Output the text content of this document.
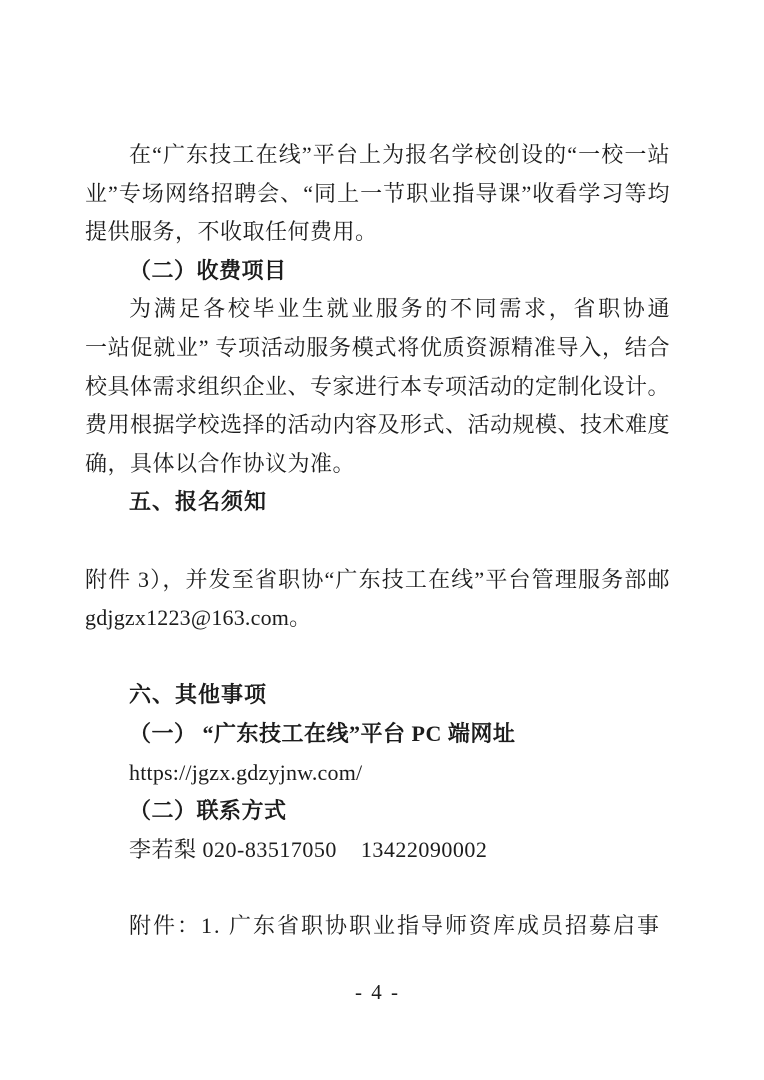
在“广东技工在线”平台上为报名学校创设的“一校一站
业”专场网络招聘会、“同上一节职业指导课”收看学习等均
提供服务，不收取任何费用。
（二）收费项目
为满足各校毕业生就业服务的不同需求，省职协通
一站促就业” 专项活动服务模式将优质资源精准导入，结合
校具体需求组织企业、专家进行本专项活动的定制化设计。
费用根据学校选择的活动内容及形式、活动规模、技术难度
确，具体以合作协议为准。
五、报名须知

附件 3），并发至省职协“广东技工在线”平台管理服务部邮
gdjgzx1223@163.com。

六、其他事项
（一） “广东技工在线”平台 PC 端网址
https://jgzx.gdzyjnw.com/
（二）联系方式
李若梨 020-83517050    13422090002
附件：1. 广东省职协职业指导师资库成员招募启事
- 4 -
